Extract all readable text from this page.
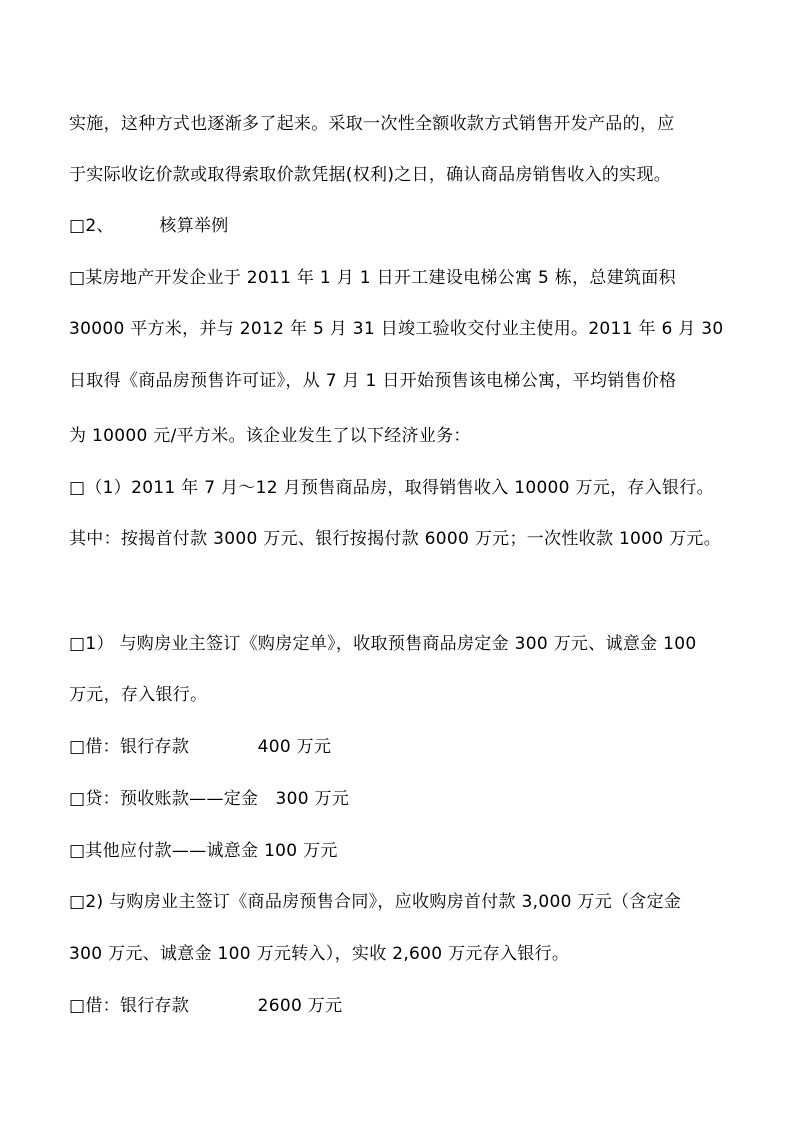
实施，这种方式也逐渐多了起来。采取一次性全额收款方式销售开发产品的，应
于实际收讫价款或取得索取价款凭据(权利)之日，确认商品房销售收入的实现。
□2、        核算举例
□某房地产开发企业于 2011 年 1 月 1 日开工建设电梯公寓 5 栋，总建筑面积
30000 平方米，并与 2012 年 5 月 31 日竣工验收交付业主使用。2011 年 6 月 30
日取得《商品房预售许可证》，从 7 月 1 日开始预售该电梯公寓，平均销售价格
为 10000 元/平方米。该企业发生了以下经济业务：
□（1）2011 年 7 月～12 月预售商品房，取得销售收入 10000 万元，存入银行。
其中：按揭首付款 3000 万元、银行按揭付款 6000 万元；一次性收款 1000 万元。
□1） 与购房业主签订《购房定单》，收取预售商品房定金 300 万元、诚意金 100
万元，存入银行。
□借：银行存款            400 万元
□贷：预收账款——定金   300 万元
□其他应付款——诚意金 100 万元
□2) 与购房业主签订《商品房预售合同》，应收购房首付款 3,000 万元（含定金
300 万元、诚意金 100 万元转入），实收 2,600 万元存入银行。
□借：银行存款            2600 万元
